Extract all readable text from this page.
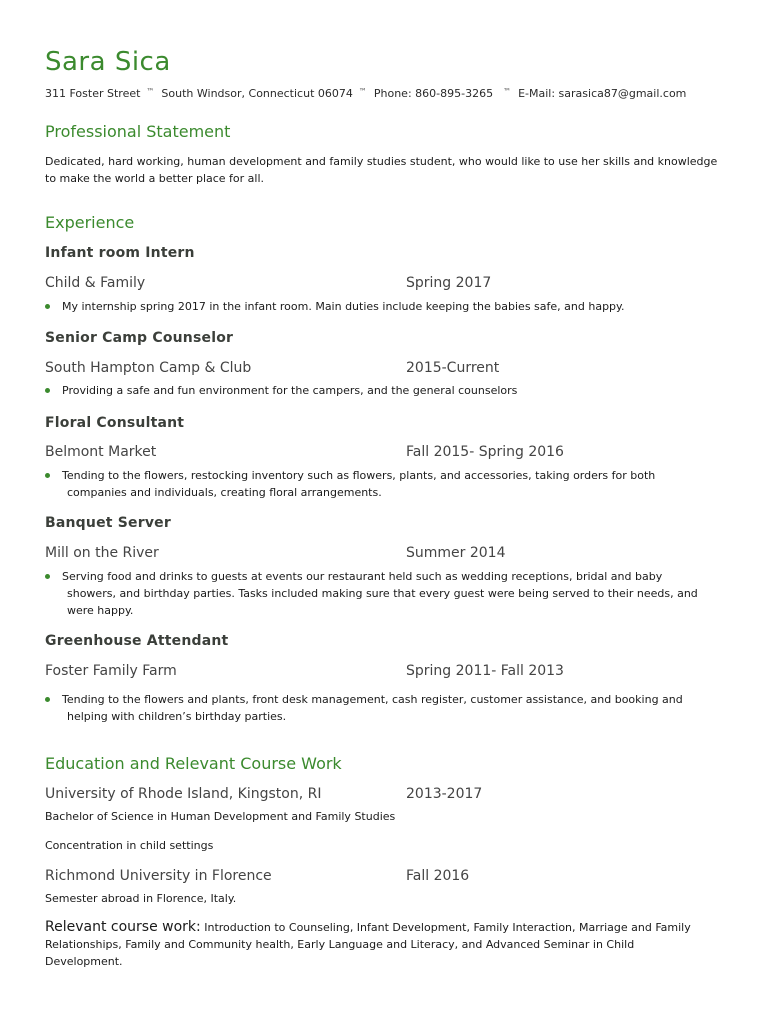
Sara Sica
311 Foster Street ™ South Windsor, Connecticut 06074 ™ Phone: 860-895-3265 ™ E-Mail: sarasica87@gmail.com
Professional Statement
Dedicated, hard working, human development and family studies student, who would like to use her skills and knowledge to make the world a better place for all.
Experience
Infant room Intern
Child & Family	Spring 2017
My internship spring 2017 in the infant room. Main duties include keeping the babies safe, and happy.
Senior Camp Counselor
South Hampton Camp & Club	2015-Current
Providing a safe and fun environment for the campers, and the general counselors
Floral Consultant
Belmont Market	Fall 2015- Spring 2016
Tending to the flowers, restocking inventory such as flowers, plants, and accessories, taking orders for both
companies and individuals, creating floral arrangements.
Banquet Server
Mill on the River	Summer 2014
Serving food and drinks to guests at events our restaurant held such as wedding receptions, bridal and baby
showers, and birthday parties. Tasks included making sure that every guest were being served to their needs, and
were happy.
Greenhouse Attendant
Foster Family Farm	Spring 2011- Fall 2013
Tending to the flowers and plants, front desk management, cash register, customer assistance, and booking and
helping with children’s birthday parties.
Education and Relevant Course Work
University of Rhode Island, Kingston, RI	2013-2017
Bachelor of Science in Human Development and Family Studies
Concentration in child settings
Richmond University in Florence	Fall 2016
Semester abroad in Florence, Italy.
Relevant course work: Introduction to Counseling, Infant Development, Family Interaction, Marriage and Family
Relationships, Family and Community health, Early Language and Literacy, and Advanced Seminar in Child
Development.
